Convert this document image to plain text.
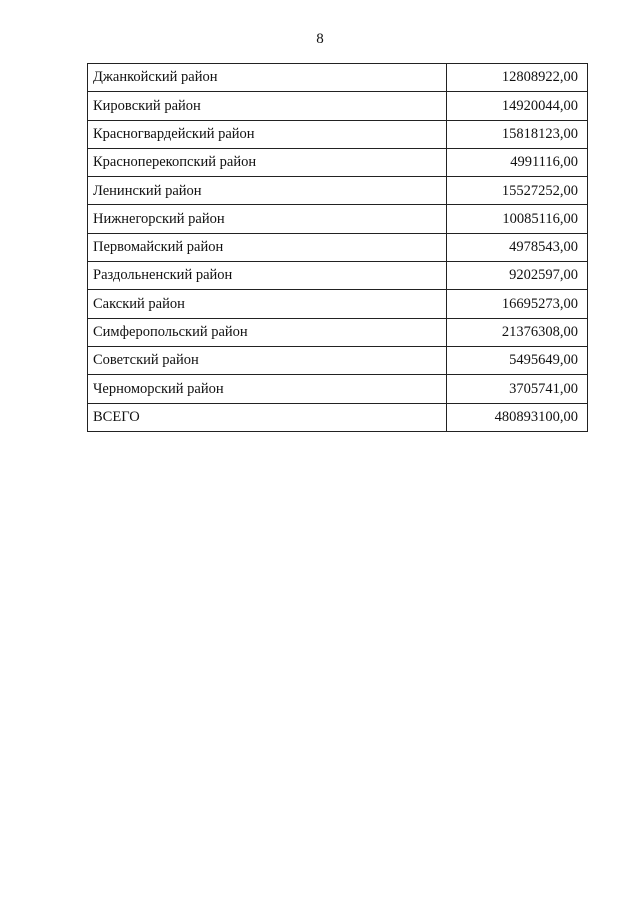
8
Джанкойский район	12808922,00
Кировский район	14920044,00
Красногвардейский район	15818123,00
Красноперекопский район	4991116,00
Ленинский район	15527252,00
Нижнегорский район	10085116,00
Первомайский район	4978543,00
Раздольненский район	9202597,00
Сакский район	16695273,00
Симферопольский район	21376308,00
Советский район	5495649,00
Черноморский район	3705741,00
ВСЕГО	480893100,00
